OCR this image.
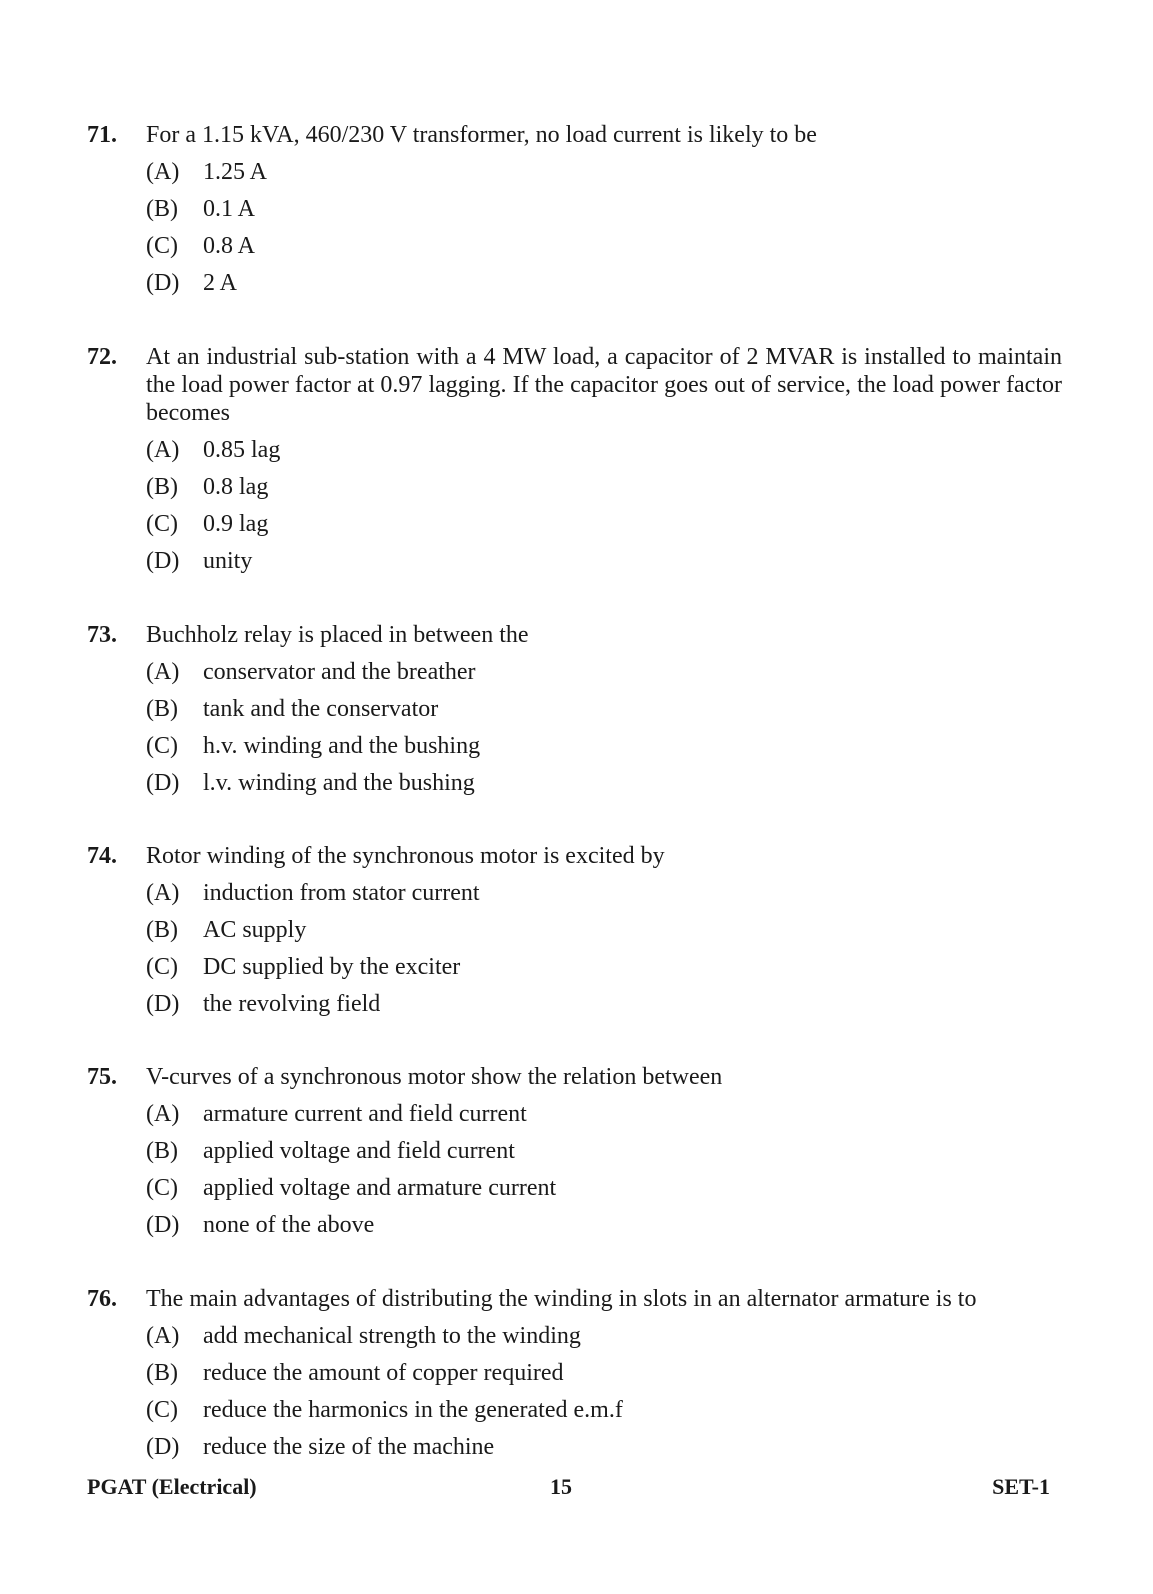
71.	For a 1.15 kVA, 460/230 V transformer, no load current is likely to be
(A) 1.25 A
(B)	0.1 A
(C)	0.8 A
(D) 2 A
72.	At an industrial sub-station with a 4 MW load, a capacitor of 2 MVAR is installed to maintain the load power factor at 0.97 lagging. If the capacitor goes out of service, the load power factor becomes
(A) 0.85 lag
(B)	0.8 lag
(C)	0.9 lag
(D) unity
73.	Buchholz relay is placed in between the
(A) conservator and the breather
(B)	tank and the conservator
(C)	h.v. winding and the bushing
(D) l.v. winding and the bushing
74.	Rotor winding of the synchronous motor is excited by
(A) induction from stator current
(B)	AC supply
(C)	DC supplied by the exciter
(D) the revolving field
75.	V-curves of a synchronous motor show the relation between
(A) armature current and field current
(B)	applied voltage and field current
(C)	applied voltage and armature current
(D) none of the above
76.	The main advantages of distributing the winding in slots in an alternator armature is to
(A) add mechanical strength to the winding
(B)	reduce the amount of copper required
(C)	reduce the harmonics in the generated e.m.f
(D) reduce the size of the machine
PGAT (Electrical)	15	SET-1
